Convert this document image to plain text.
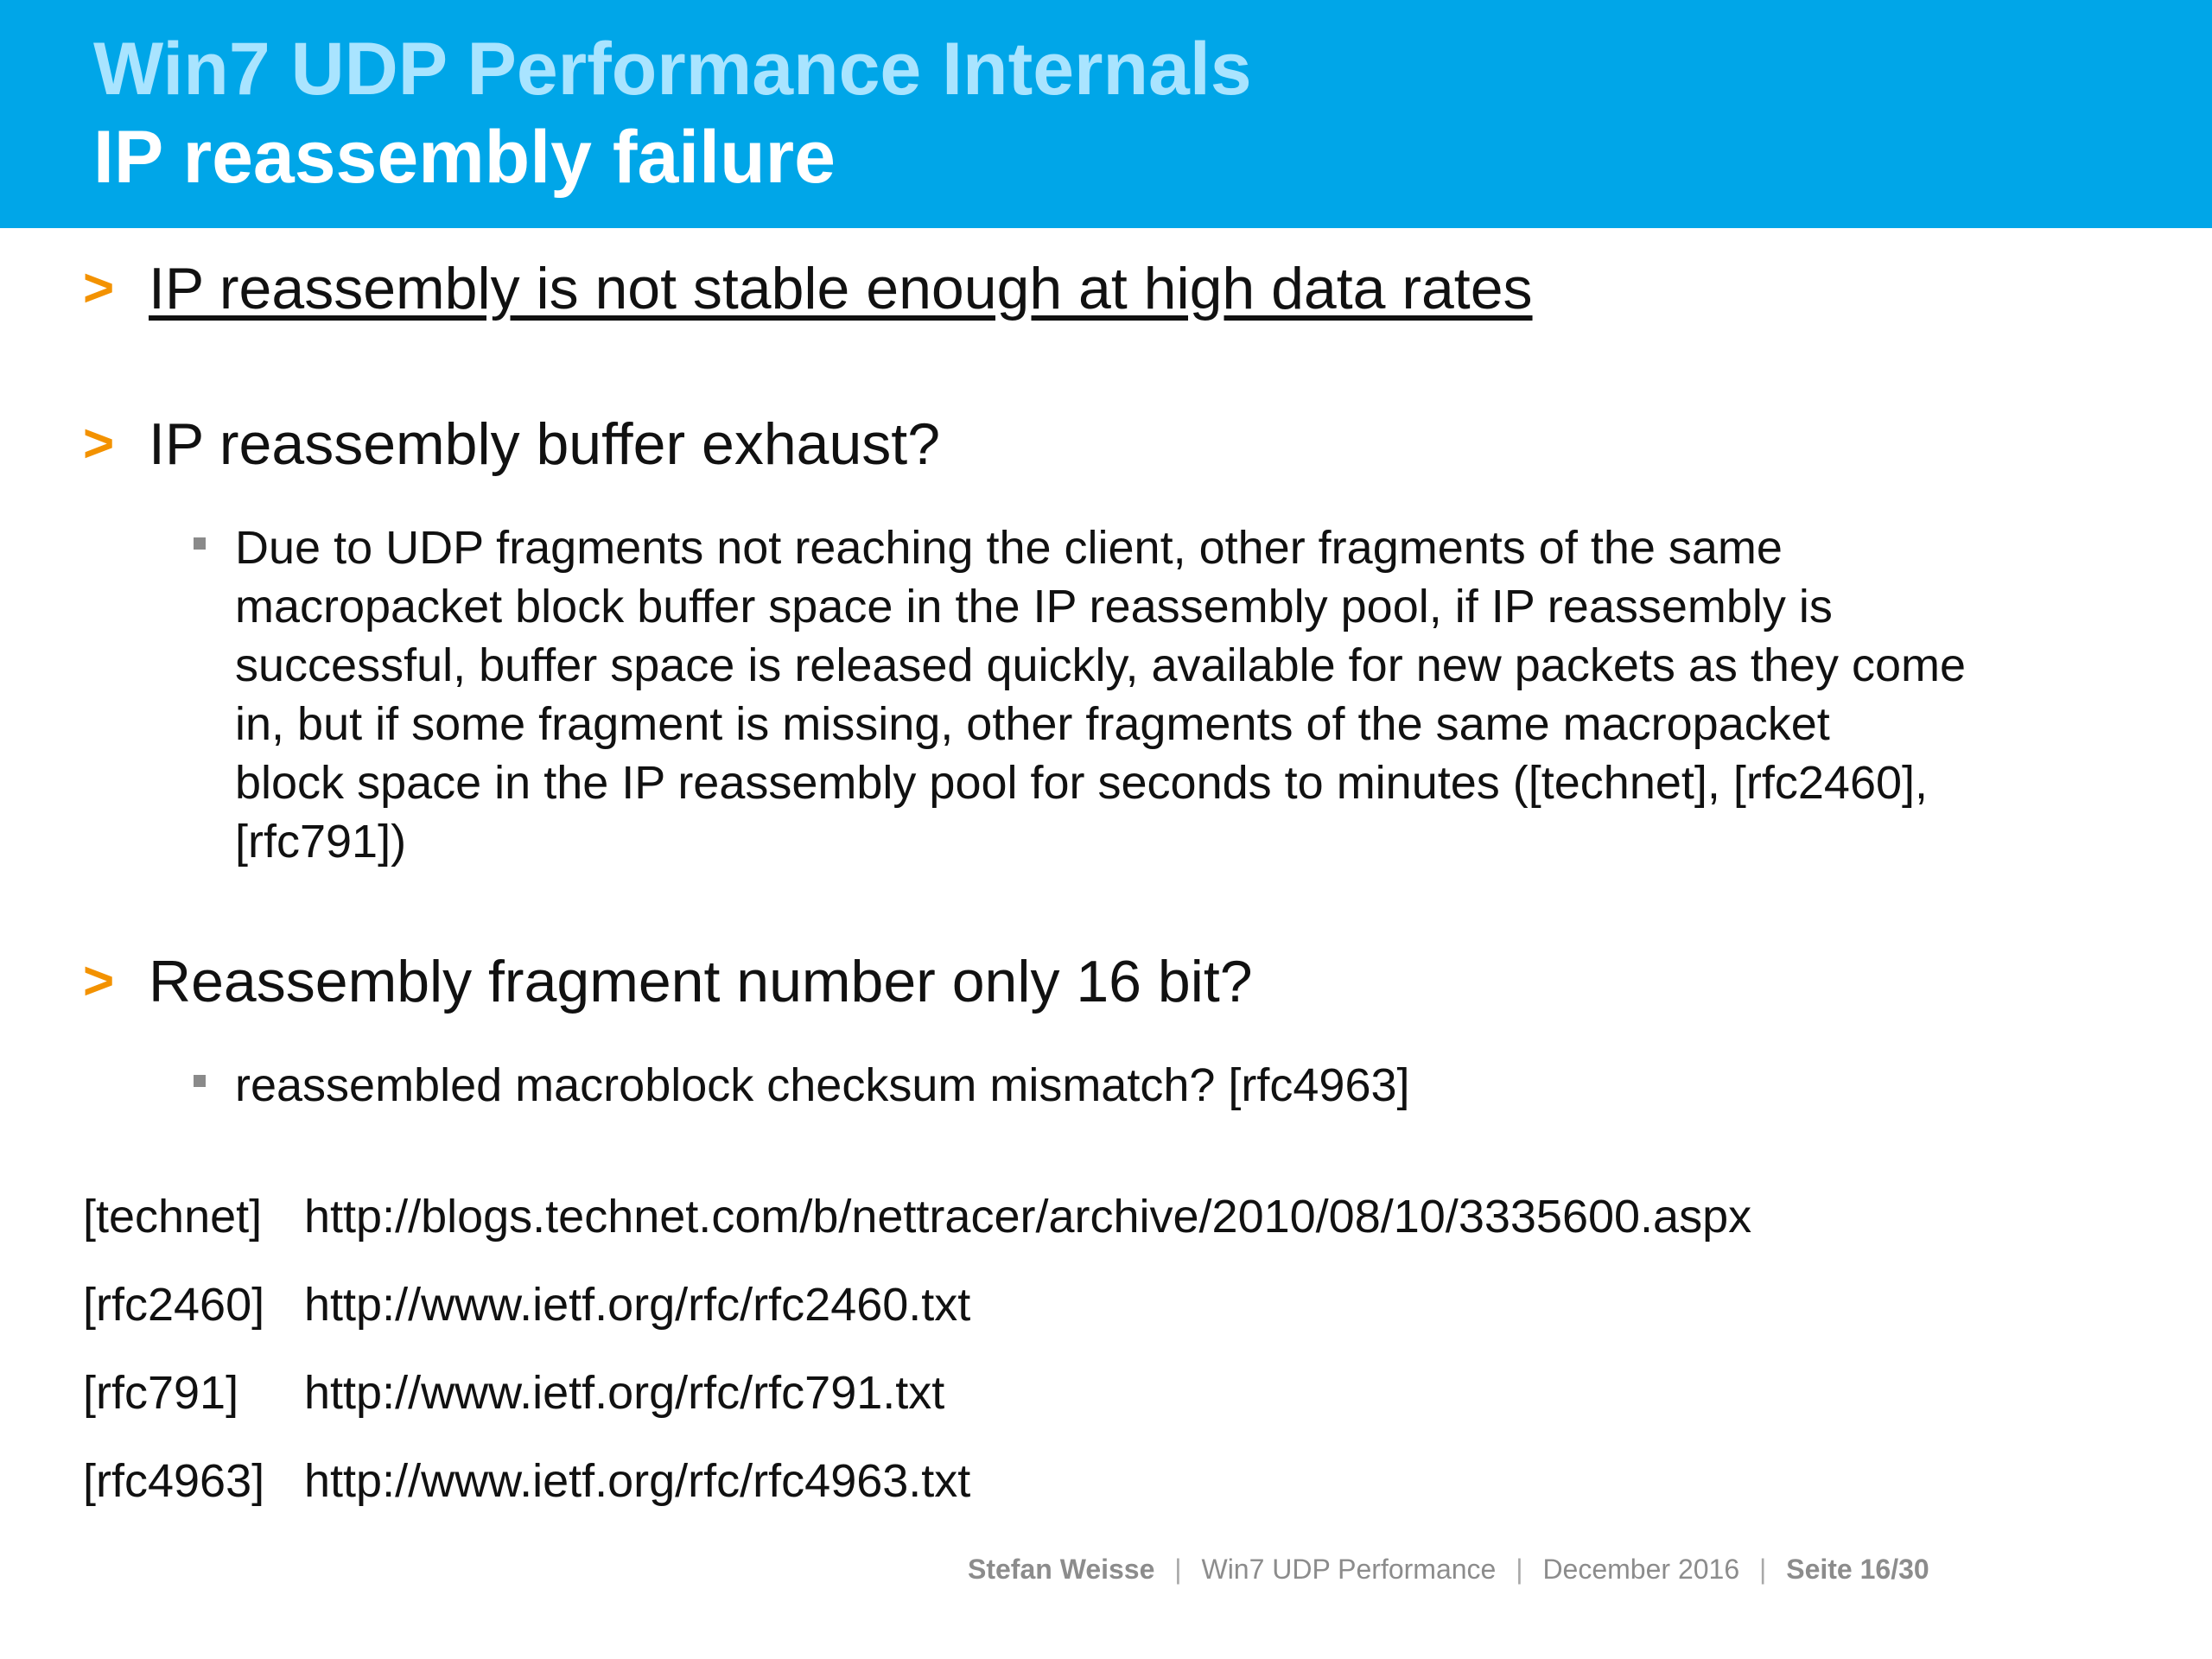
Win7 UDP Performance Internals
IP reassembly failure
> IP reassembly is not stable enough at high data rates
> IP reassembly buffer exhaust?
Due to UDP fragments not reaching the client, other fragments of the same
macropacket block buffer space in the IP reassembly pool, if IP reassembly is
successful, buffer space is released quickly, available for new packets as they come
in, but if some fragment is missing, other fragments of the same macropacket
block space in the IP reassembly pool for seconds to minutes ([technet], [rfc2460],
[rfc791])
> Reassembly fragment number only 16 bit?
reassembled macroblock checksum mismatch? [rfc4963]
[technet] http://blogs.technet.com/b/nettracer/archive/2010/08/10/3335600.aspx
[rfc2460] http://www.ietf.org/rfc/rfc2460.txt
[rfc791] http://www.ietf.org/rfc/rfc791.txt
[rfc4963] http://www.ietf.org/rfc/rfc4963.txt
Stefan Weisse | Win7 UDP Performance | December 2016 | Seite 16/30
